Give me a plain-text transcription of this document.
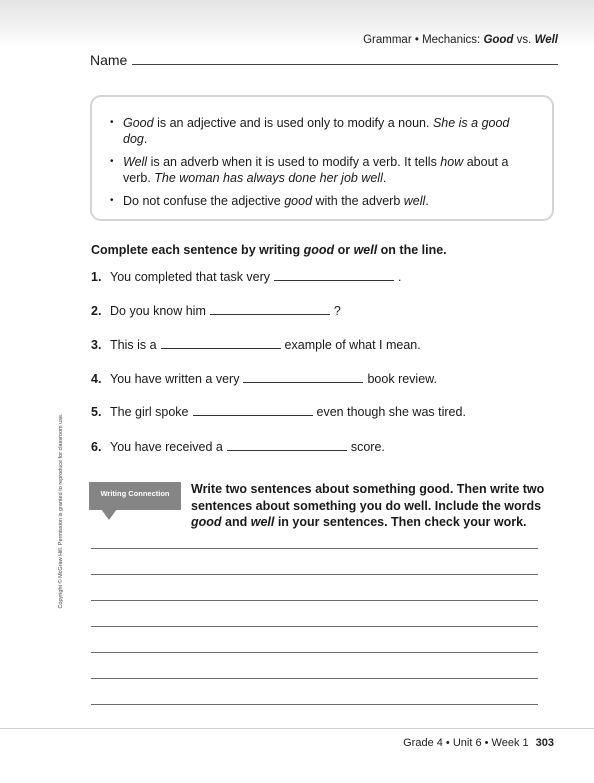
Grammar • Mechanics: Good vs. Well
Name
• Good is an adjective and is used only to modify a noun. She is a good dog.
• Well is an adverb when it is used to modify a verb. It tells how about a verb. The woman has always done her job well.
• Do not confuse the adjective good with the adverb well.
Complete each sentence by writing good or well on the line.
1. You completed that task very	.
2. Do you know him	?
3. This is a	example of what I mean.
4. You have written a very	book review.
5. The girl spoke	even though she was tired.
6. You have received a	score.
Writing Connection	Write two sentences about something good. Then write two sentences about something you do well. Include the words good and well in your sentences. Then check your work.
Copyright © McGraw Hill. Permission is granted to reproduce for classroom use.
Grade 4 • Unit 6 • Week 1 303
